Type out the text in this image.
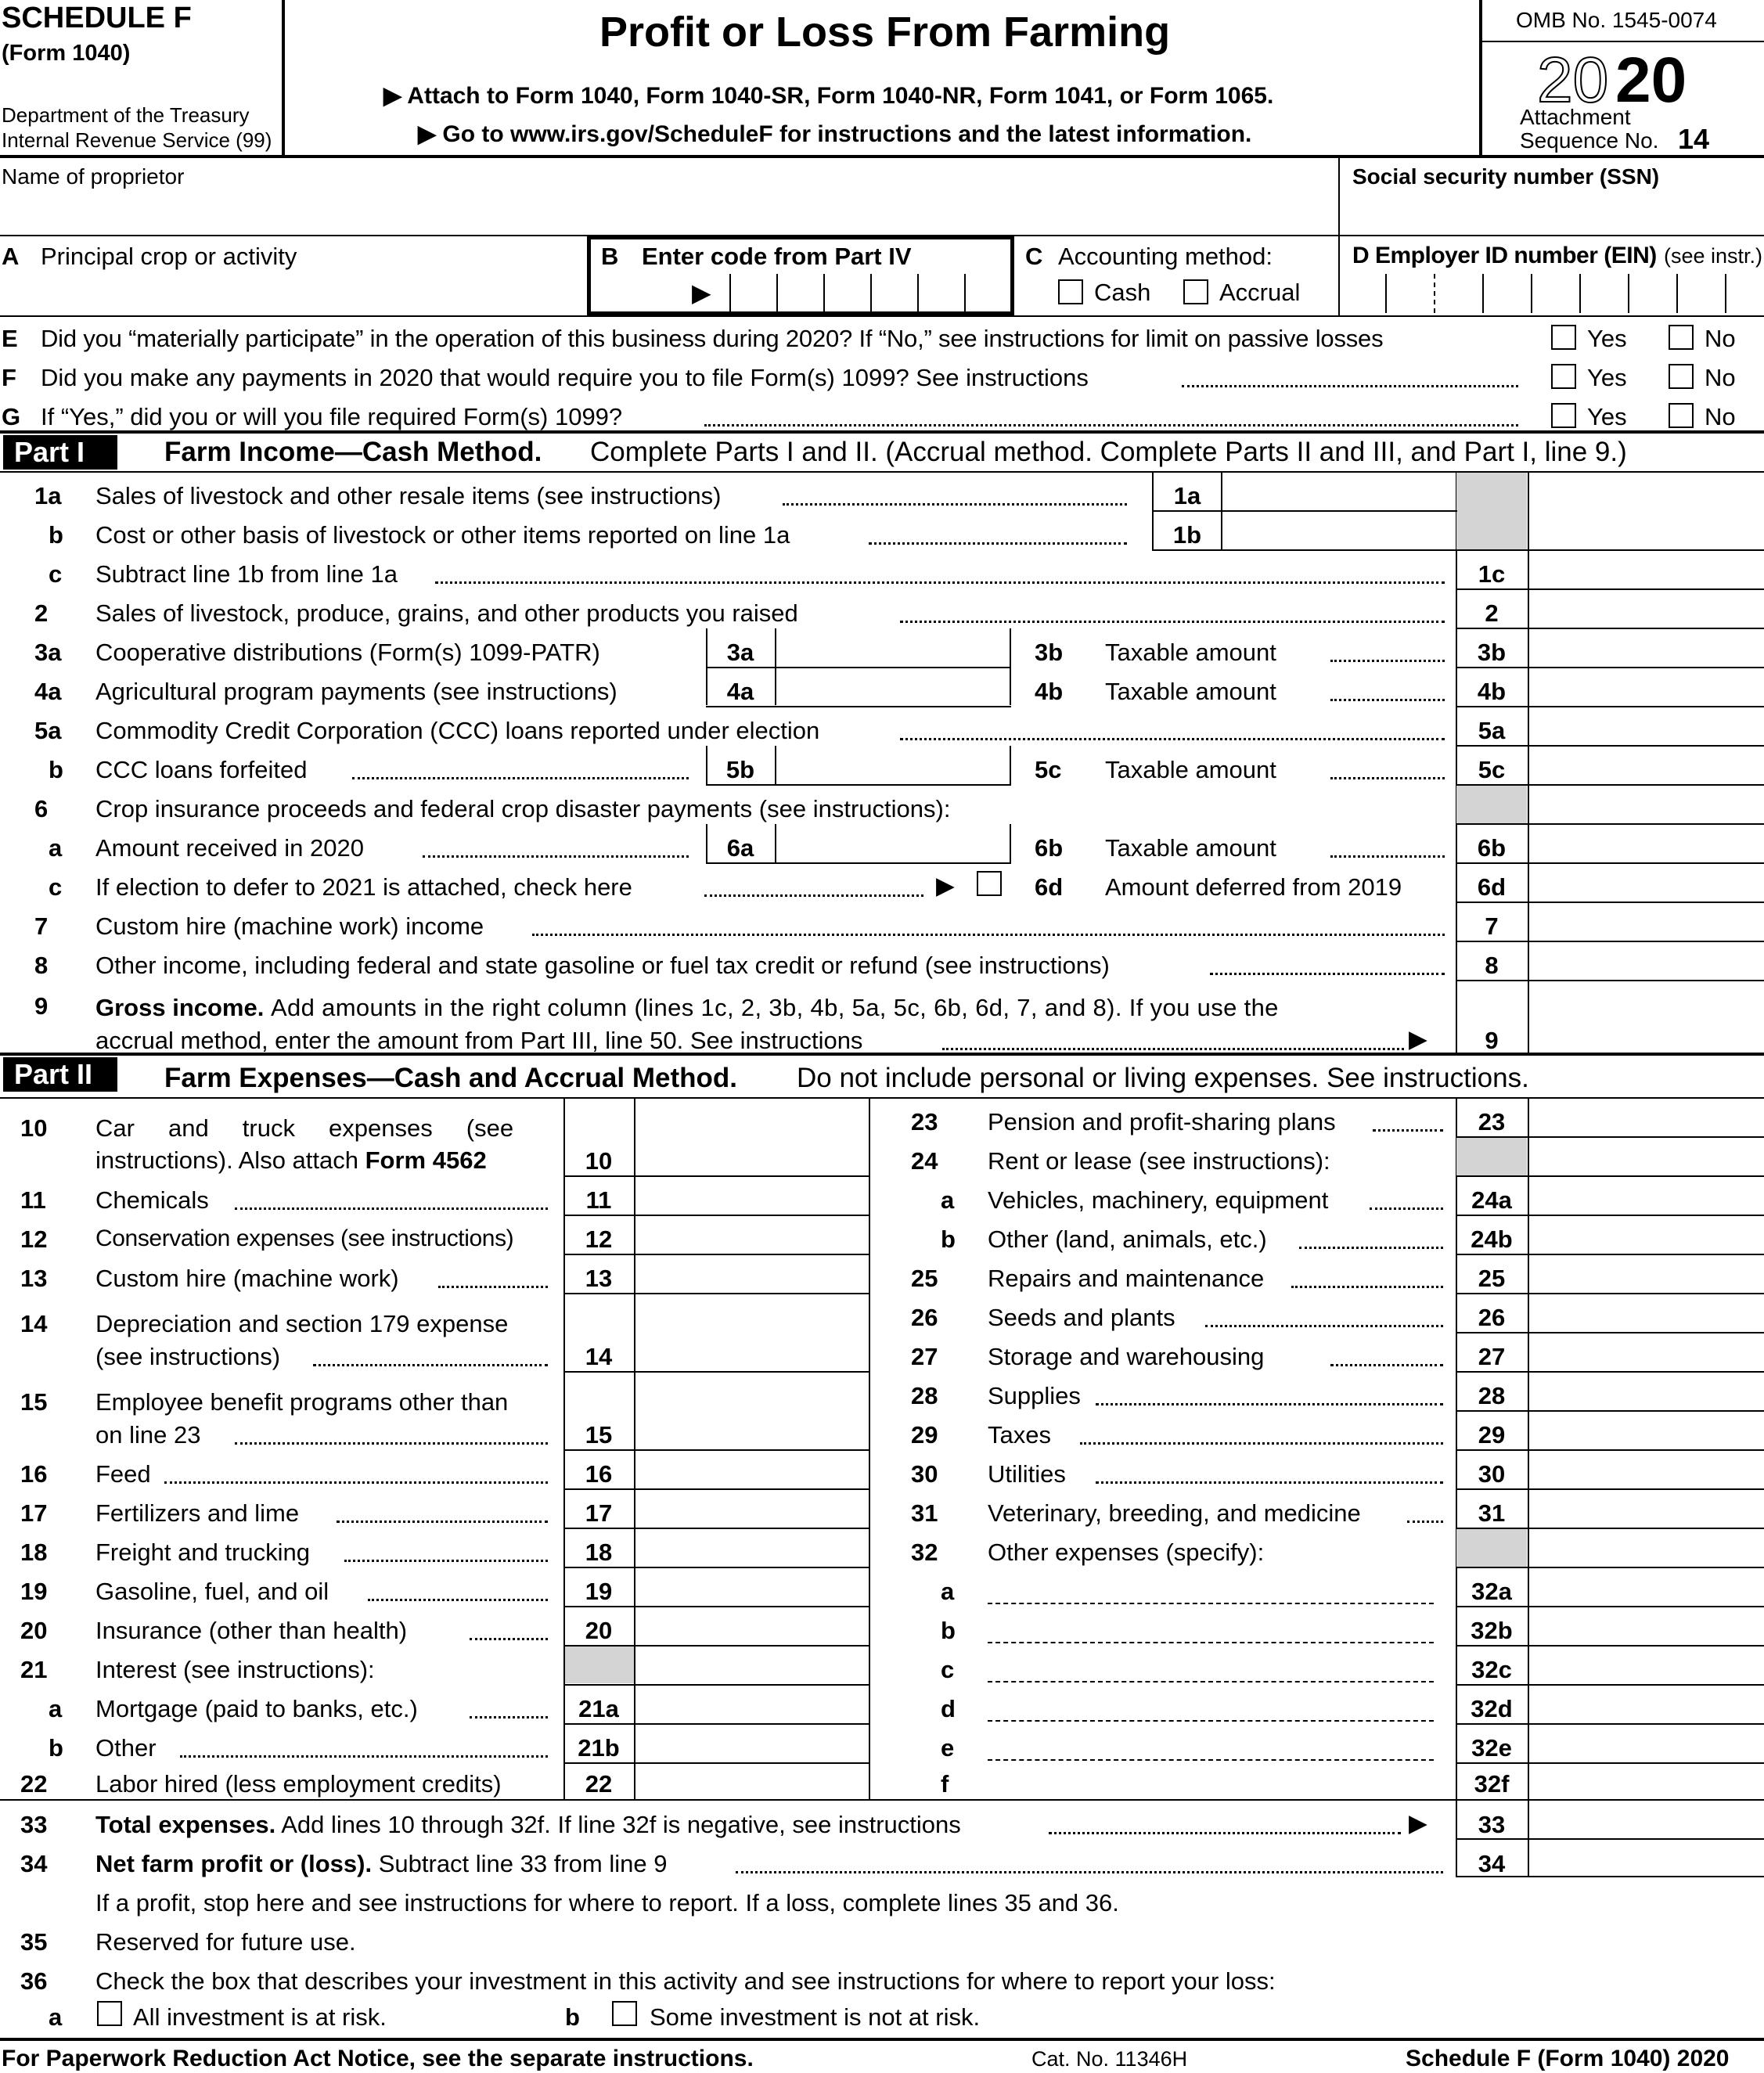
SCHEDULE F
(Form 1040)
Department of the Treasury
Internal Revenue Service (99)
Profit or Loss From Farming
▶ Attach to Form 1040, Form 1040-SR, Form 1040-NR, Form 1041, or Form 1065.
▶ Go to www.irs.gov/ScheduleF for instructions and the latest information.
OMB No. 1545-0074
20 20
Attachment
Sequence No. 14
Name of proprietor	Social security number (SSN)
A Principal crop or activity	B Enter code from Part IV
▶
C Accounting method:
Cash	Accrual
D Employer ID number (EIN) (see instr.)
E Did you “materially participate” in the operation of this business during 2020? If “No,” see instructions for limit on passive losses	Yes	No
F Did you make any payments in 2020 that would require you to file Form(s) 1099? See instructions	Yes	No
G If “Yes,” did you or will you file required Form(s) 1099?	Yes	No
Part I	Farm Income—Cash Method. Complete Parts I and II. (Accrual method. Complete Parts II and III, and Part I, line 9.)
1a Sales of livestock and other resale items (see instructions)	1a
b Cost or other basis of livestock or other items reported on line 1a	1b
c Subtract line 1b from line 1a	1c
2 Sales of livestock, produce, grains, and other products you raised	2
3a Cooperative distributions (Form(s) 1099-PATR)	3a	3b Taxable amount	3b
4a Agricultural program payments (see instructions)	4a	4b Taxable amount	4b
5a Commodity Credit Corporation (CCC) loans reported under election	5a
b CCC loans forfeited	5b	5c Taxable amount	5c
6 Crop insurance proceeds and federal crop disaster payments (see instructions):
a Amount received in 2020	6a	6b Taxable amount	6b
c If election to defer to 2021 is attached, check here	▶	6d Amount deferred from 2019	6d
7 Custom hire (machine work) income	7
8 Other income, including federal and state gasoline or fuel tax credit or refund (see instructions)	8
9 Gross income. Add amounts in the right column (lines 1c, 2, 3b, 4b, 5a, 5c, 6b, 6d, 7, and 8). If you use the
accrual method, enter the amount from Part III, line 50. See instructions	▶	9
Part II	Farm Expenses—Cash and Accrual Method. Do not include personal or living expenses. See instructions.
10 Car     and     truck     expenses     (see
instructions). Also attach Form 4562	10
11 Chemicals	11
12 Conservation expenses (see instructions)	12
13 Custom hire (machine work)	13
14 Depreciation and section 179 expense
(see instructions)	14
15 Employee benefit programs other than
on line 23	15
16 Feed	16
17 Fertilizers and lime	17
18 Freight and trucking	18
19 Gasoline, fuel, and oil	19
20 Insurance (other than health)	20
21 Interest (see instructions):
a Mortgage (paid to banks, etc.)	21a
b Other	21b
22 Labor hired (less employment credits)	22
23 Pension and profit-sharing plans	23
24 Rent or lease (see instructions):
a Vehicles, machinery, equipment	24a
b Other (land, animals, etc.)	24b
25 Repairs and maintenance	25
26 Seeds and plants	26
27 Storage and warehousing	27
28 Supplies	28
29 Taxes	29
30 Utilities	30
31 Veterinary, breeding, and medicine	31
32 Other expenses (specify):
a	32a
b	32b
c	32c
d	32d
e	32e
f	32f
33 Total expenses. Add lines 10 through 32f. If line 32f is negative, see instructions	▶	33
34 Net farm profit or (loss). Subtract line 33 from line 9	34
If a profit, stop here and see instructions for where to report. If a loss, complete lines 35 and 36.
35 Reserved for future use.
36 Check the box that describes your investment in this activity and see instructions for where to report your loss:
a	All investment is at risk.	b	Some investment is not at risk.
For Paperwork Reduction Act Notice, see the separate instructions.	Cat. No. 11346H	Schedule F (Form 1040) 2020
